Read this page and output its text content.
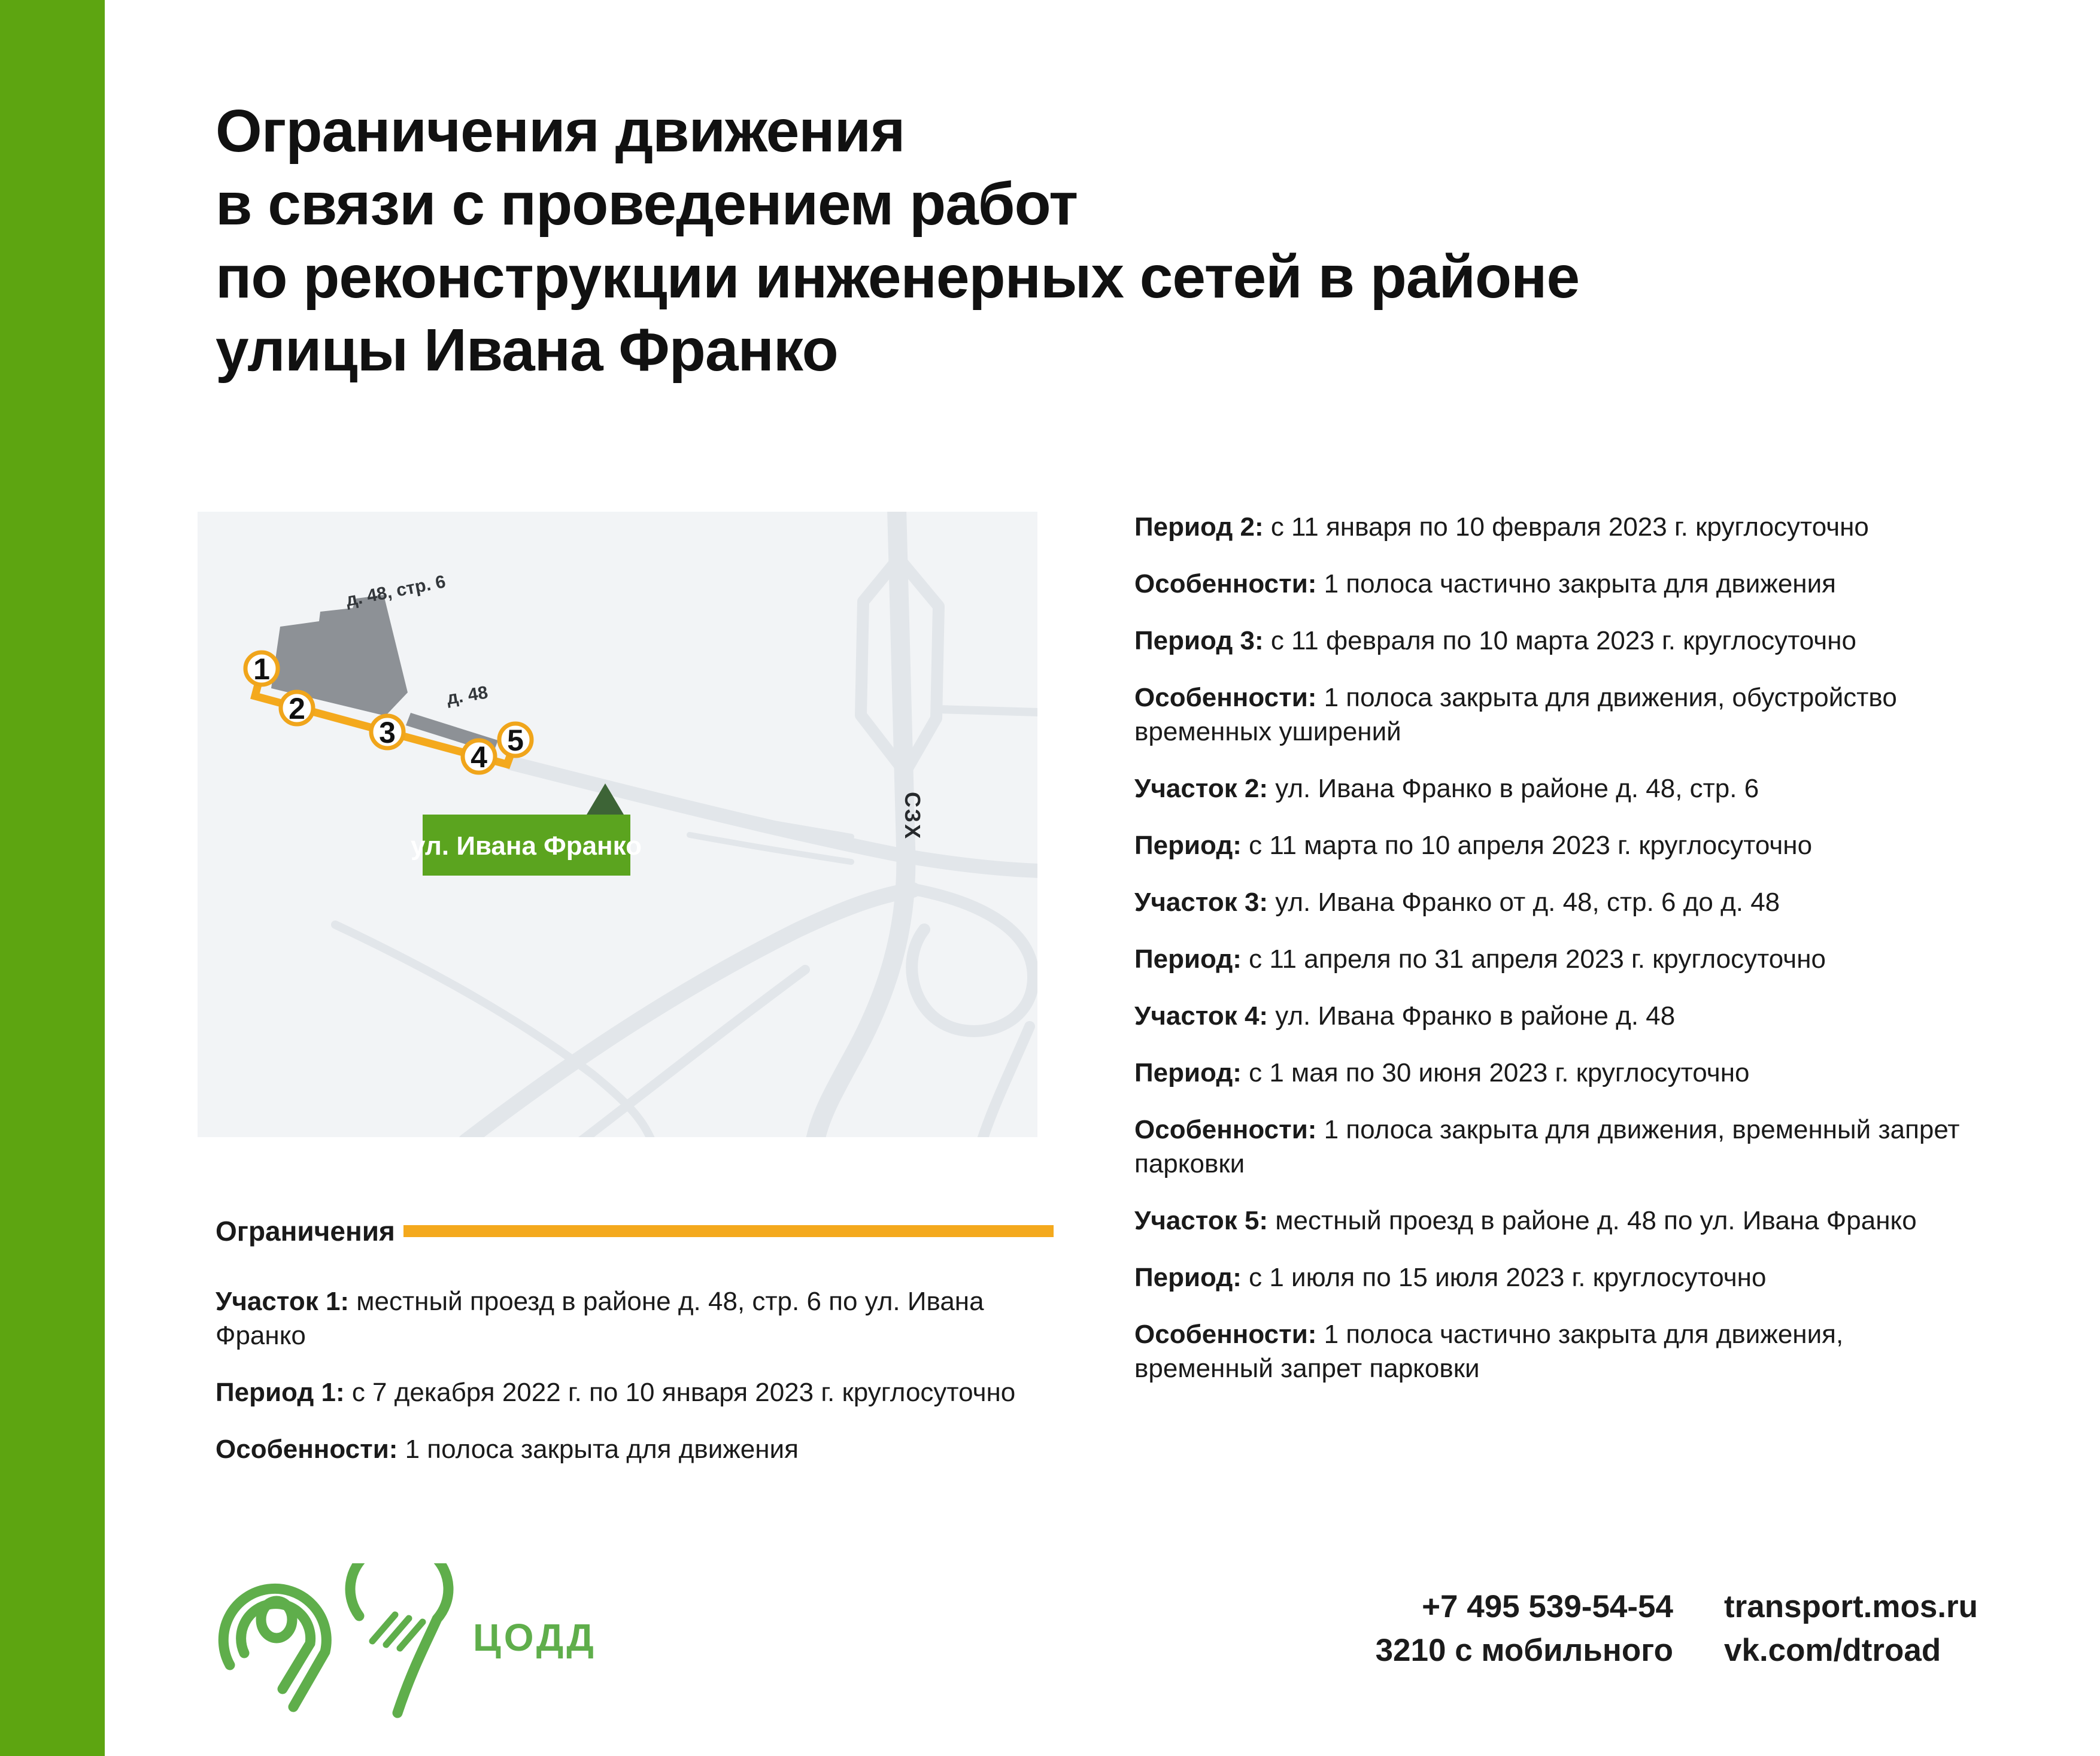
Ограничения движения
в связи с проведением работ
по реконструкции инженерных сетей в районе
улицы Ивана Франко
д. 48, стр. 6
д. 48
СЗХ
ул. Ивана Франко
1
2
3
4 5

Период 2: с 11 января по 10 февраля 2023 г. круглосуточно

Особенности: 1 полоса частично закрыта для движения

Период 3: с 11 февраля по 10 марта 2023 г. круглосуточно

Особенности: 1 полоса закрыта для движения, обустройство временных уширений

Участок 2: ул. Ивана Франко в районе д. 48, стр. 6

Период: с 11 марта по 10 апреля 2023 г. круглосуточно

Участок 3: ул. Ивана Франко от д. 48, стр. 6 до д. 48

Период: с 11 апреля по 31 апреля 2023 г. круглосуточно

Участок 4: ул. Ивана Франко в районе д. 48

Период: с 1 мая по 30 июня 2023 г. круглосуточно

Особенности: 1 полоса закрыта для движения, временный запрет парковки

Участок 5: местный проезд в районе д. 48 по ул. Ивана Франко

Период: с 1 июля по 15 июля 2023 г. круглосуточно

Особенности: 1 полоса частично закрыта для движения, временный запрет парковки

Ограничения

Участок 1: местный проезд в районе д. 48, стр. 6 по ул. Ивана Франко

Период 1: с 7 декабря 2022 г. по 10 января 2023 г. круглосуточно

Особенности: 1 полоса закрыта для движения

ЦОДД
+7 495 539-54-54
3210 с мобильного
transport.mos.ru
vk.com/dtroad
